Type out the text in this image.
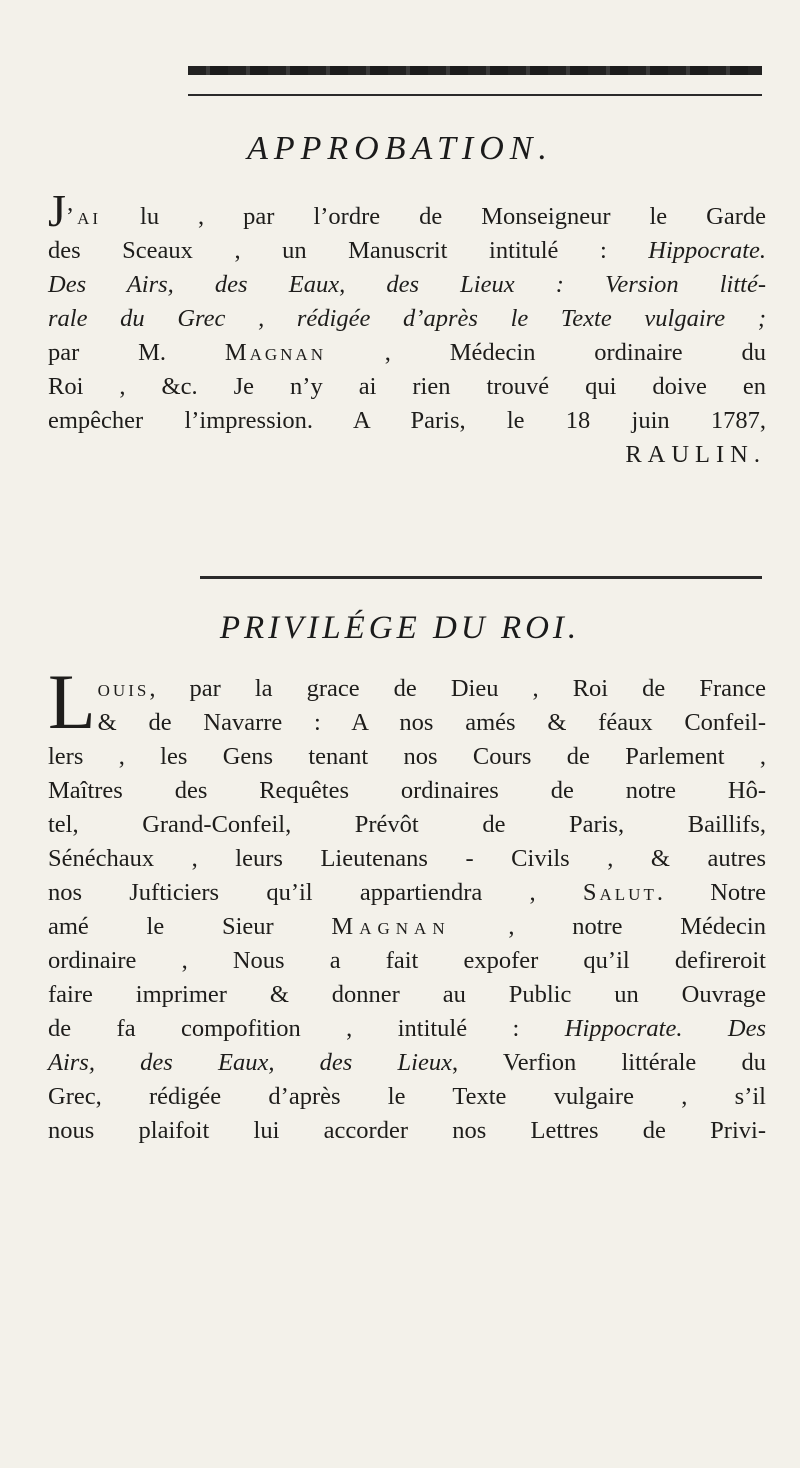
APPROBATION.
J’ai lu , par l’ordre de Monseigneur le Garde
des Sceaux , un Manuscrit intitulé : Hippocrate.
Des Airs, des Eaux, des Lieux : Version litté-
rale du Grec , rédigée d’après le Texte vulgaire ;
par M. Magnan , Médecin ordinaire du
Roi , &c. Je n’y ai rien trouvé qui doive en
empêcher l’impression. A Paris, le 18 juin 1787,
RAULIN.
PRIVILÉGE DU ROI.
Louis, par la grace de Dieu , Roi de France
& de Navarre : A nos amés & féaux Confeil-
lers , les Gens tenant nos Cours de Parlement ,
Maîtres des Requêtes ordinaires de notre Hô-
tel, Grand-Confeil, Prévôt de Paris, Baillifs,
Sénéchaux , leurs Lieutenans - Civils , & autres
nos Jufticiers qu’il appartiendra , Salut. Notre
amé le Sieur Magnan , notre Médecin
ordinaire , Nous a fait expofer qu’il defireroit
faire imprimer & donner au Public un Ouvrage
de fa compofition , intitulé : Hippocrate. Des
Airs, des Eaux, des Lieux, Verfion littérale du
Grec, rédigée d’après le Texte vulgaire , s’il
nous plaifoit lui accorder nos Lettres de Privi-
